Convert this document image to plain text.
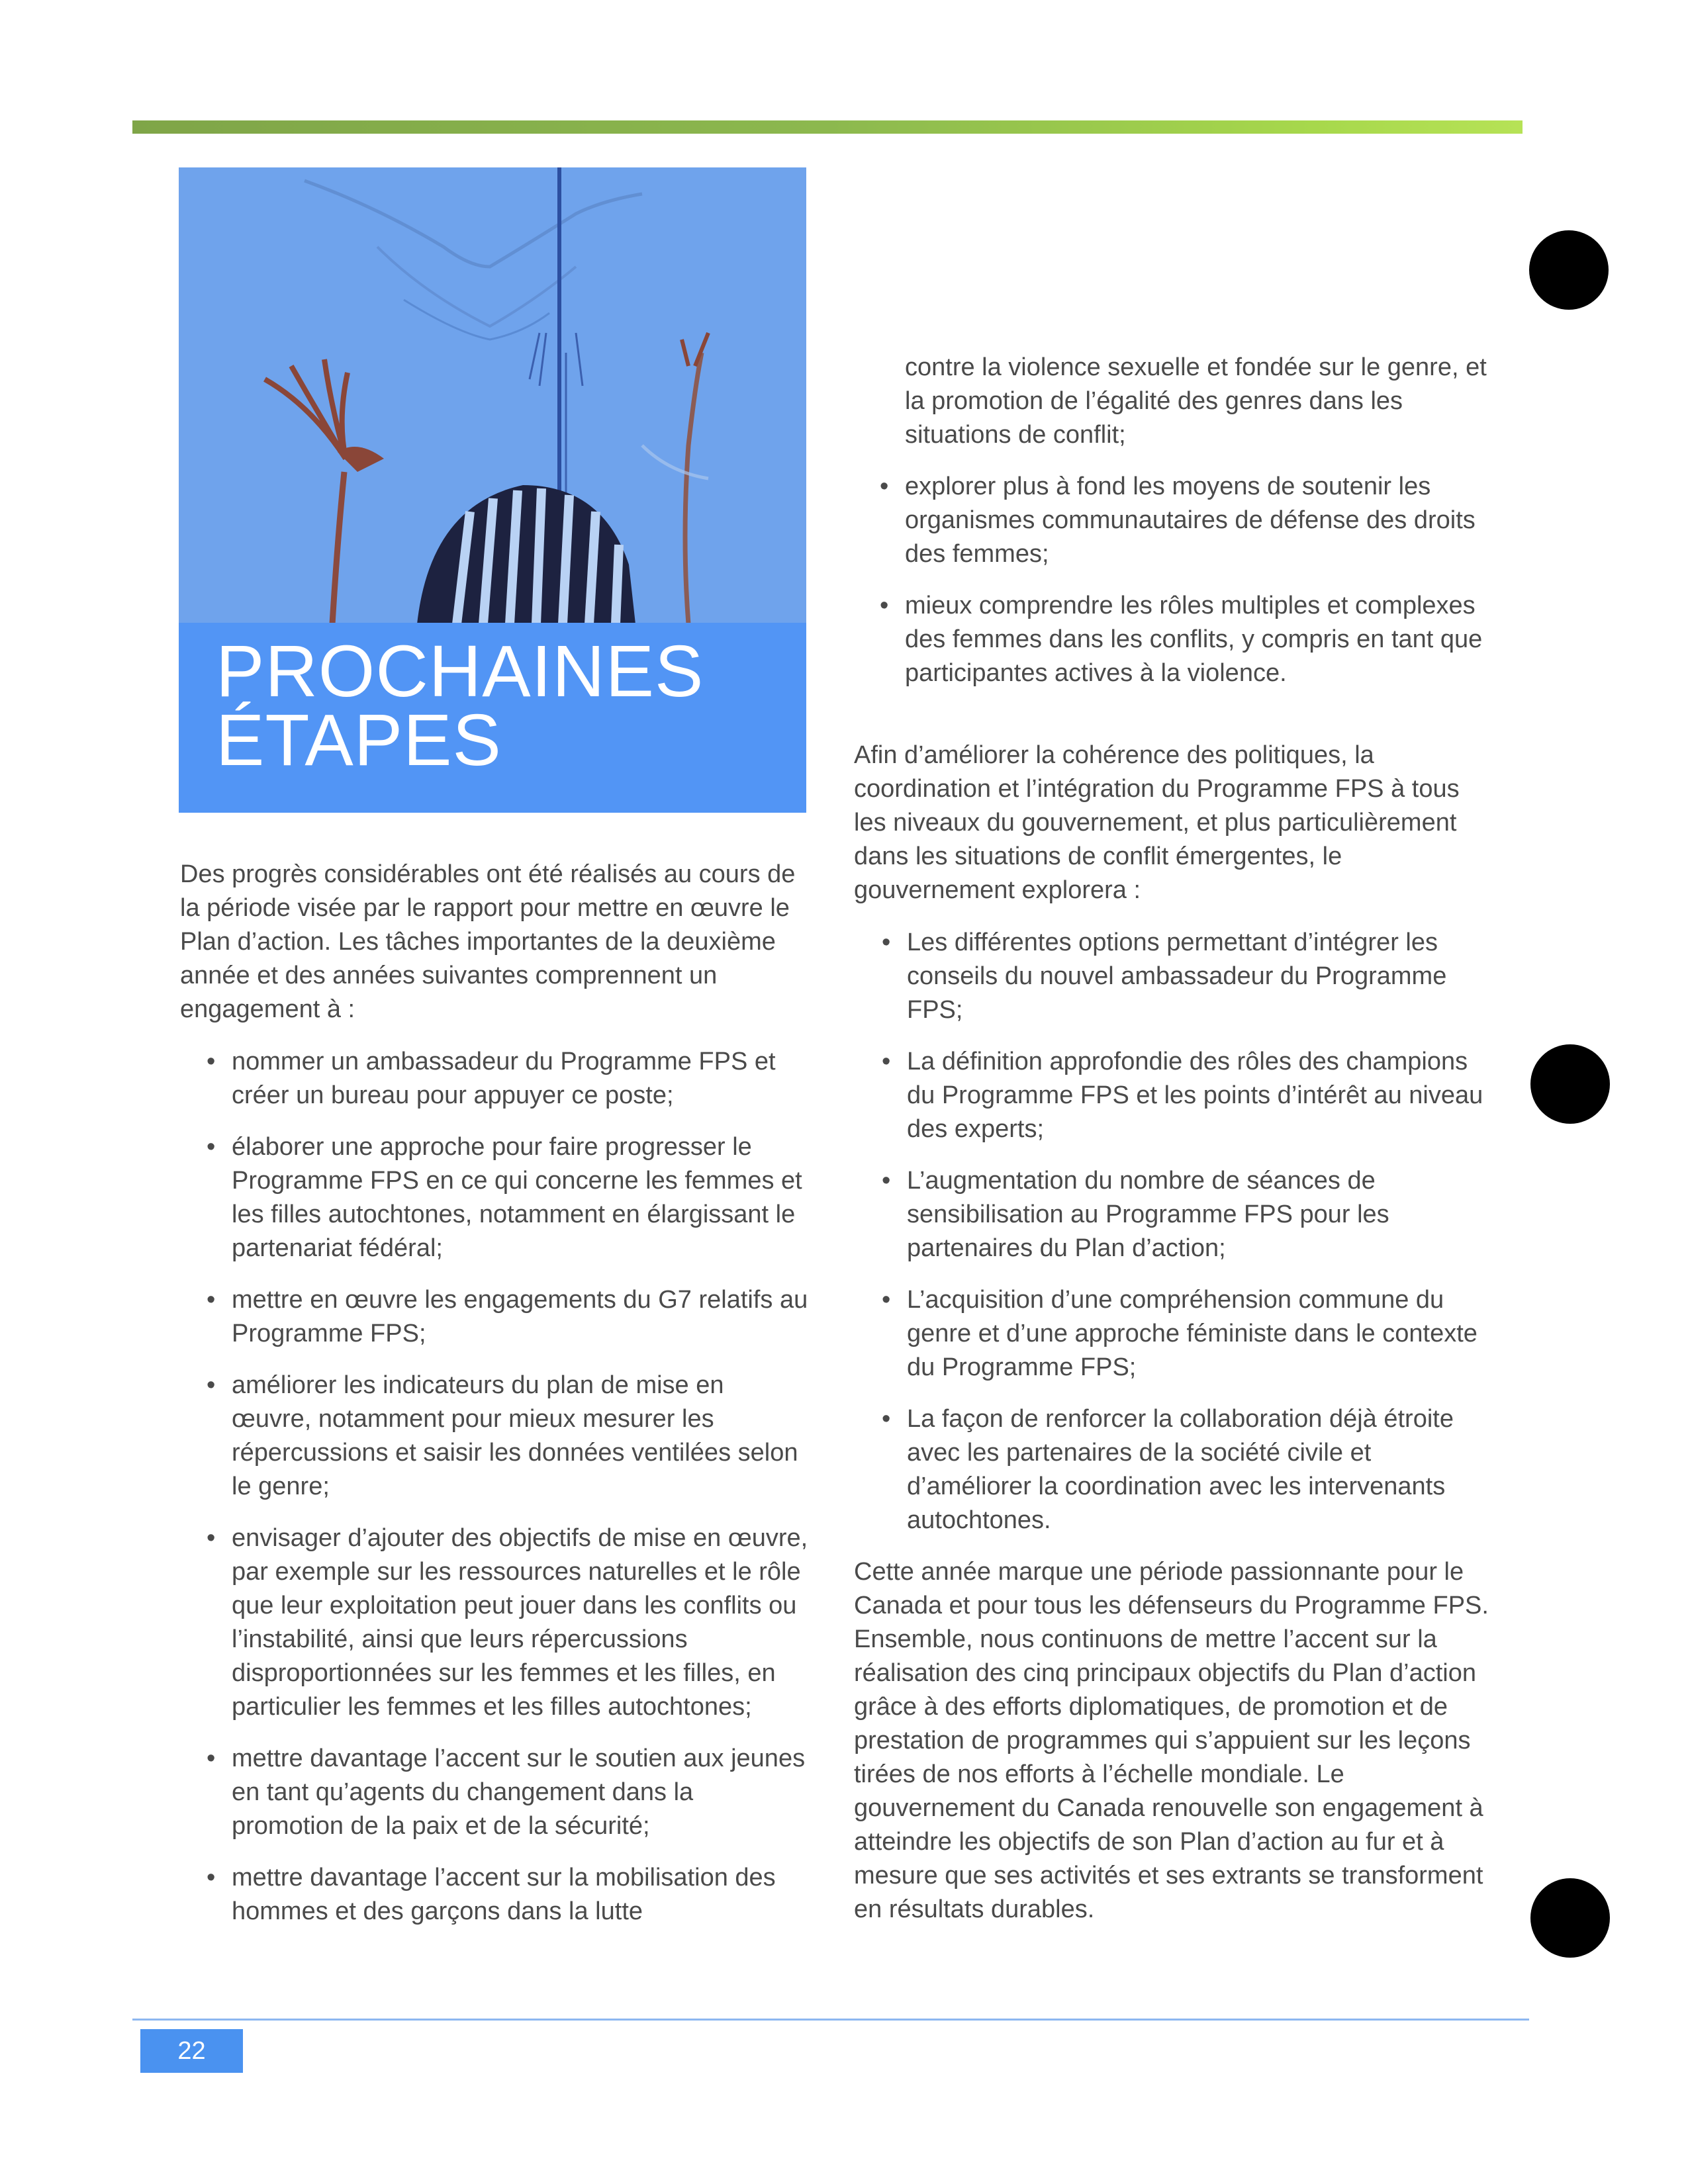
PROCHAINES
ÉTAPES

Des progrès considérables ont été réalisés au cours de la période visée par le rapport pour mettre en œuvre le Plan d’action. Les tâches importantes de la deuxième année et des années suivantes comprennent un engagement à :

• nommer un ambassadeur du Programme FPS et créer un bureau pour appuyer ce poste;
• élaborer une approche pour faire progresser le Programme FPS en ce qui concerne les femmes et les filles autochtones, notamment en élargissant le partenariat fédéral;
• mettre en œuvre les engagements du G7 relatifs au Programme FPS;
• améliorer les indicateurs du plan de mise en œuvre, notamment pour mieux mesurer les répercussions et saisir les données ventilées selon le genre;
• envisager d’ajouter des objectifs de mise en œuvre, par exemple sur les ressources naturelles et le rôle que leur exploitation peut jouer dans les conflits ou l’instabilité, ainsi que leurs répercussions disproportionnées sur les femmes et les filles, en particulier les femmes et les filles autochtones;
• mettre davantage l’accent sur le soutien aux jeunes en tant qu’agents du changement dans la promotion de la paix et de la sécurité;
• mettre davantage l’accent sur la mobilisation des hommes et des garçons dans la lutte

contre la violence sexuelle et fondée sur le genre, et la promotion de l’égalité des genres dans les situations de conflit;

• explorer plus à fond les moyens de soutenir les organismes communautaires de défense des droits des femmes;
• mieux comprendre les rôles multiples et complexes des femmes dans les conflits, y compris en tant que participantes actives à la violence.

Afin d’améliorer la cohérence des politiques, la coordination et l’intégration du Programme FPS à tous les niveaux du gouvernement, et plus particulièrement dans les situations de conflit émergentes, le gouvernement explorera :

• Les différentes options permettant d’intégrer les conseils du nouvel ambassadeur du Programme FPS;
• La définition approfondie des rôles des champions du Programme FPS et les points d’intérêt au niveau des experts;
• L’augmentation du nombre de séances de sensibilisation au Programme FPS pour les partenaires du Plan d’action;
• L’acquisition d’une compréhension commune du genre et d’une approche féministe dans le contexte du Programme FPS;
• La façon de renforcer la collaboration déjà étroite avec les partenaires de la société civile et d’améliorer la coordination avec les intervenants autochtones.

Cette année marque une période passionnante pour le Canada et pour tous les défenseurs du Programme FPS. Ensemble, nous continuons de mettre l’accent sur la réalisation des cinq principaux objectifs du Plan d’action grâce à des efforts diplomatiques, de promotion et de prestation de programmes qui s’appuient sur les leçons tirées de nos efforts à l’échelle mondiale. Le gouvernement du Canada renouvelle son engagement à atteindre les objectifs de son Plan d’action au fur et à mesure que ses activités et ses extrants se transforment en résultats durables.

22
